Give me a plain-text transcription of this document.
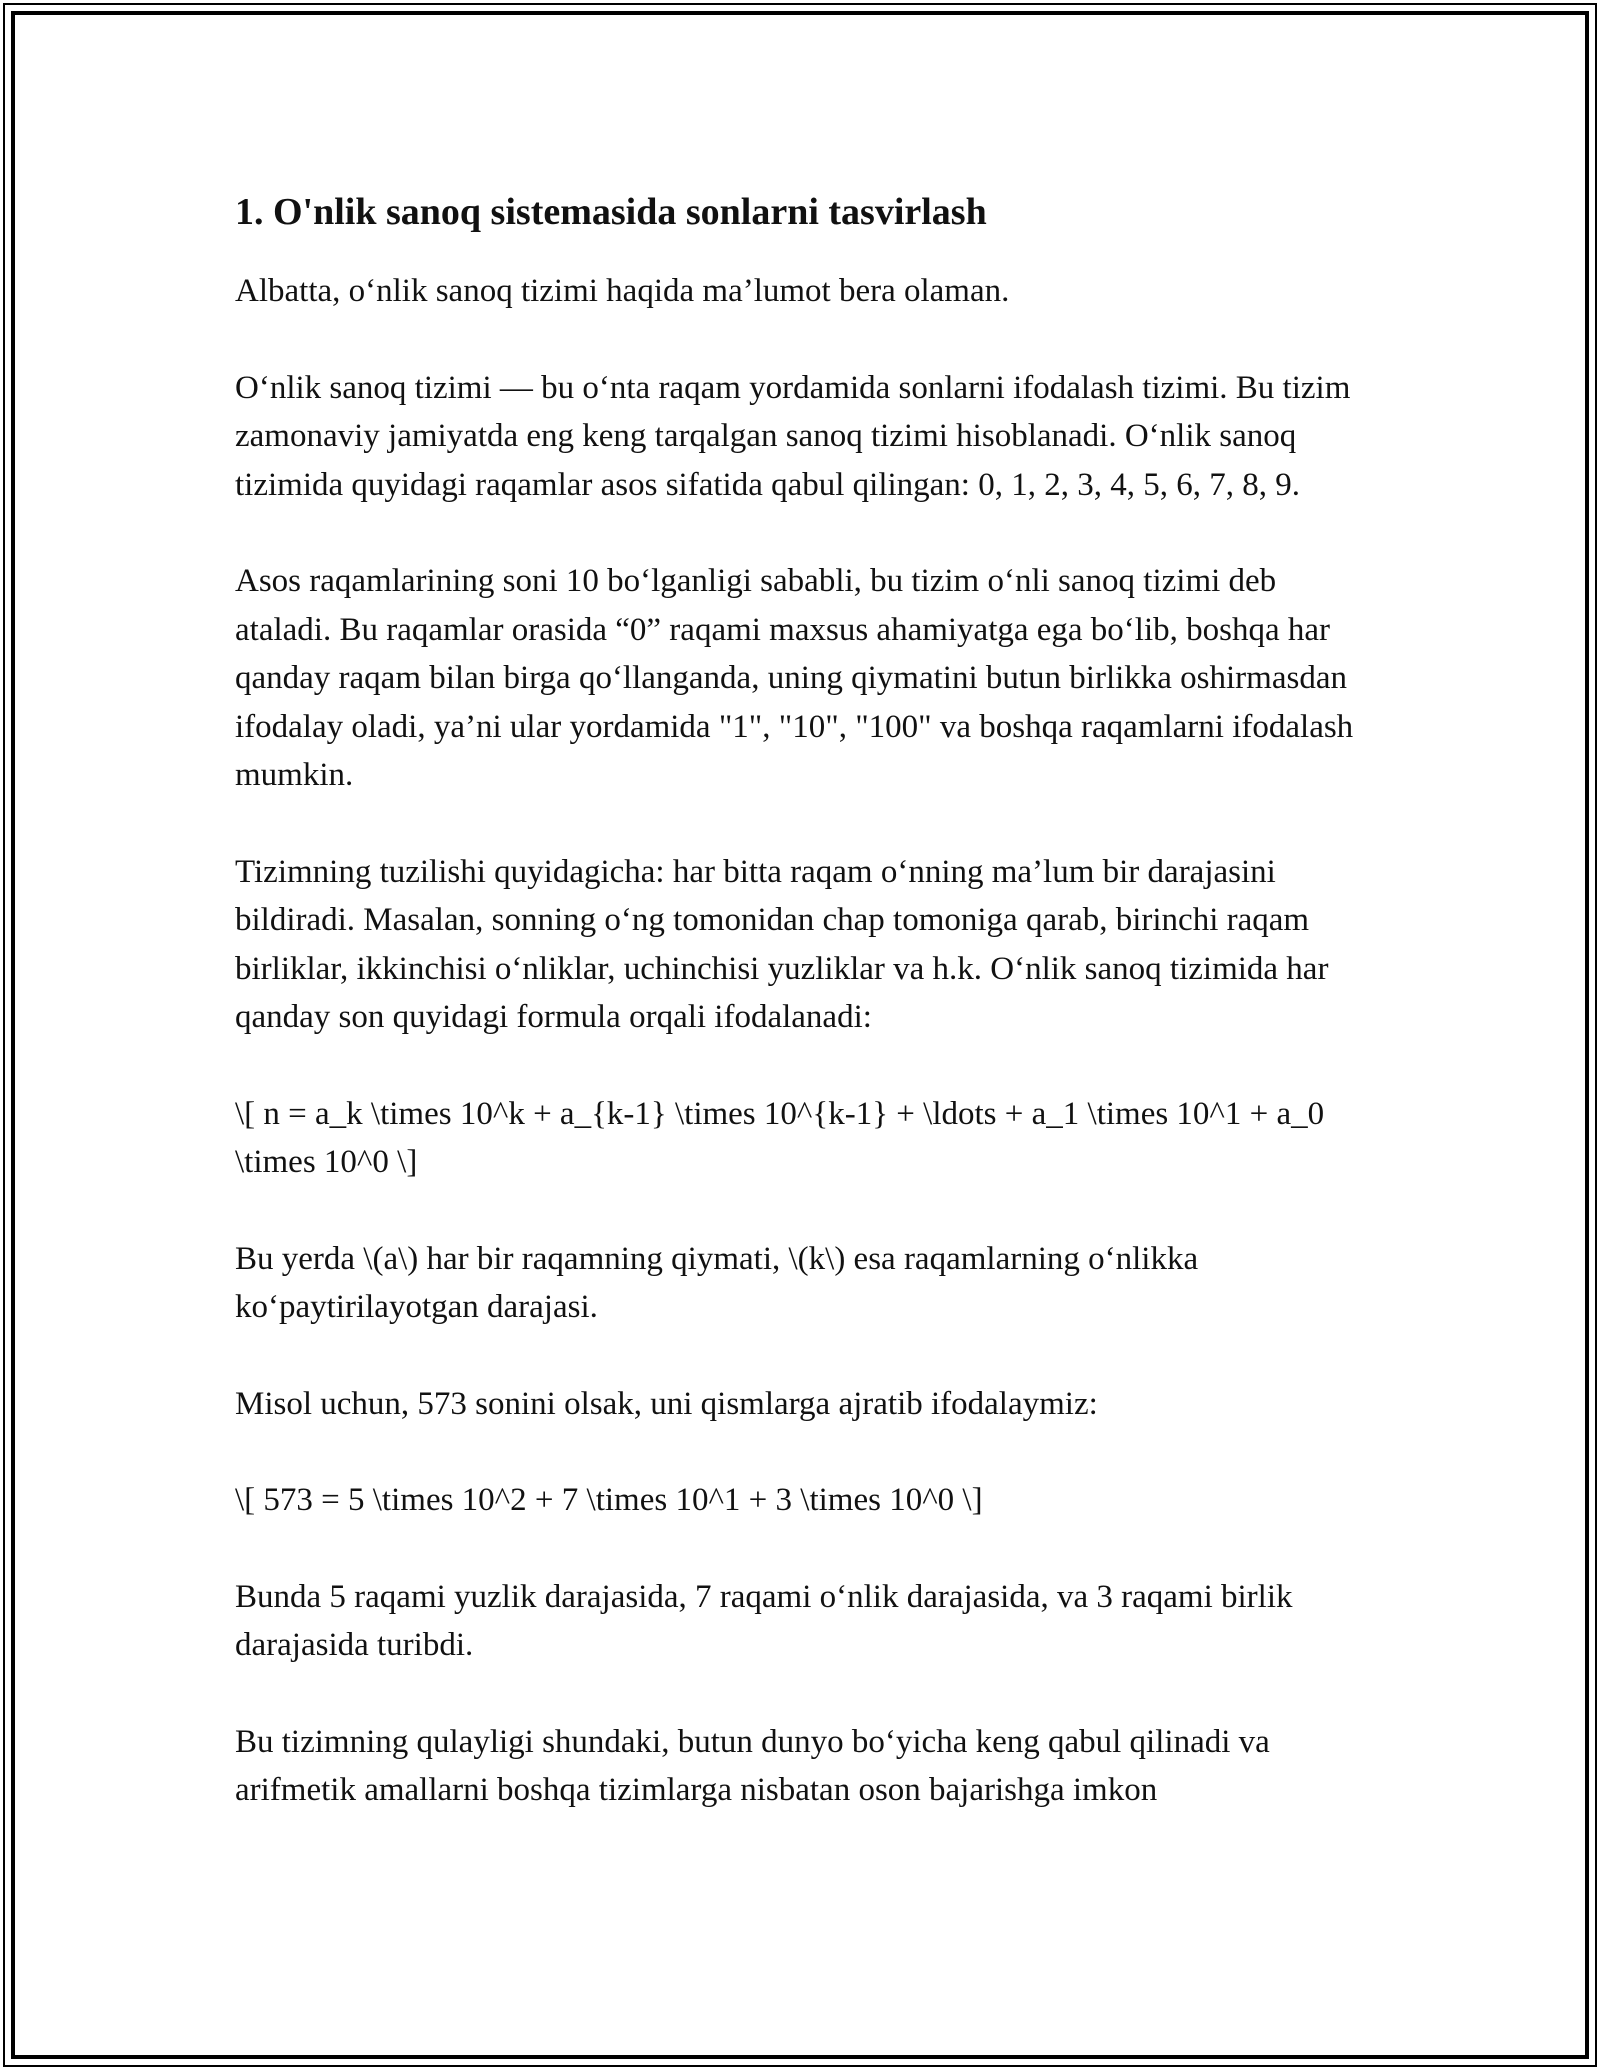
1. O'nlik sanoq sistemasida sonlarni tasvirlash

Albatta, o‘nlik sanoq tizimi haqida ma’lumot bera olaman.

O‘nlik sanoq tizimi — bu o‘nta raqam yordamida sonlarni ifodalash tizimi. Bu tizim zamonaviy jamiyatda eng keng tarqalgan sanoq tizimi hisoblanadi. O‘nlik sanoq tizimida quyidagi raqamlar asos sifatida qabul qilingan: 0, 1, 2, 3, 4, 5, 6, 7, 8, 9.

Asos raqamlarining soni 10 bo‘lganligi sababli, bu tizim o‘nli sanoq tizimi deb ataladi. Bu raqamlar orasida “0” raqami maxsus ahamiyatga ega bo‘lib, boshqa har qanday raqam bilan birga qo‘llanganda, uning qiymatini butun birlikka oshirmasdan ifodalay oladi, ya’ni ular yordamida "1", "10", "100" va boshqa raqamlarni ifodalash mumkin.

Tizimning tuzilishi quyidagicha: har bitta raqam o‘nning ma’lum bir darajasini bildiradi. Masalan, sonning o‘ng tomonidan chap tomoniga qarab, birinchi raqam birliklar, ikkinchisi o‘nliklar, uchinchisi yuzliklar va h.k. O‘nlik sanoq tizimida har qanday son quyidagi formula orqali ifodalanadi:

\[ n = a_k \times 10^k + a_{k-1} \times 10^{k-1} + \ldots + a_1 \times 10^1 + a_0 \times 10^0 \]

Bu yerda \(a\) har bir raqamning qiymati, \(k\) esa raqamlarning o‘nlikka ko‘paytirilayotgan darajasi.

Misol uchun, 573 sonini olsak, uni qismlarga ajratib ifodalaymiz:

\[ 573 = 5 \times 10^2 + 7 \times 10^1 + 3 \times 10^0 \]

Bunda 5 raqami yuzlik darajasida, 7 raqami o‘nlik darajasida, va 3 raqami birlik darajasida turibdi.

Bu tizimning qulayligi shundaki, butun dunyo bo‘yicha keng qabul qilinadi va arifmetik amallarni boshqa tizimlarga nisbatan oson bajarishga imkon
